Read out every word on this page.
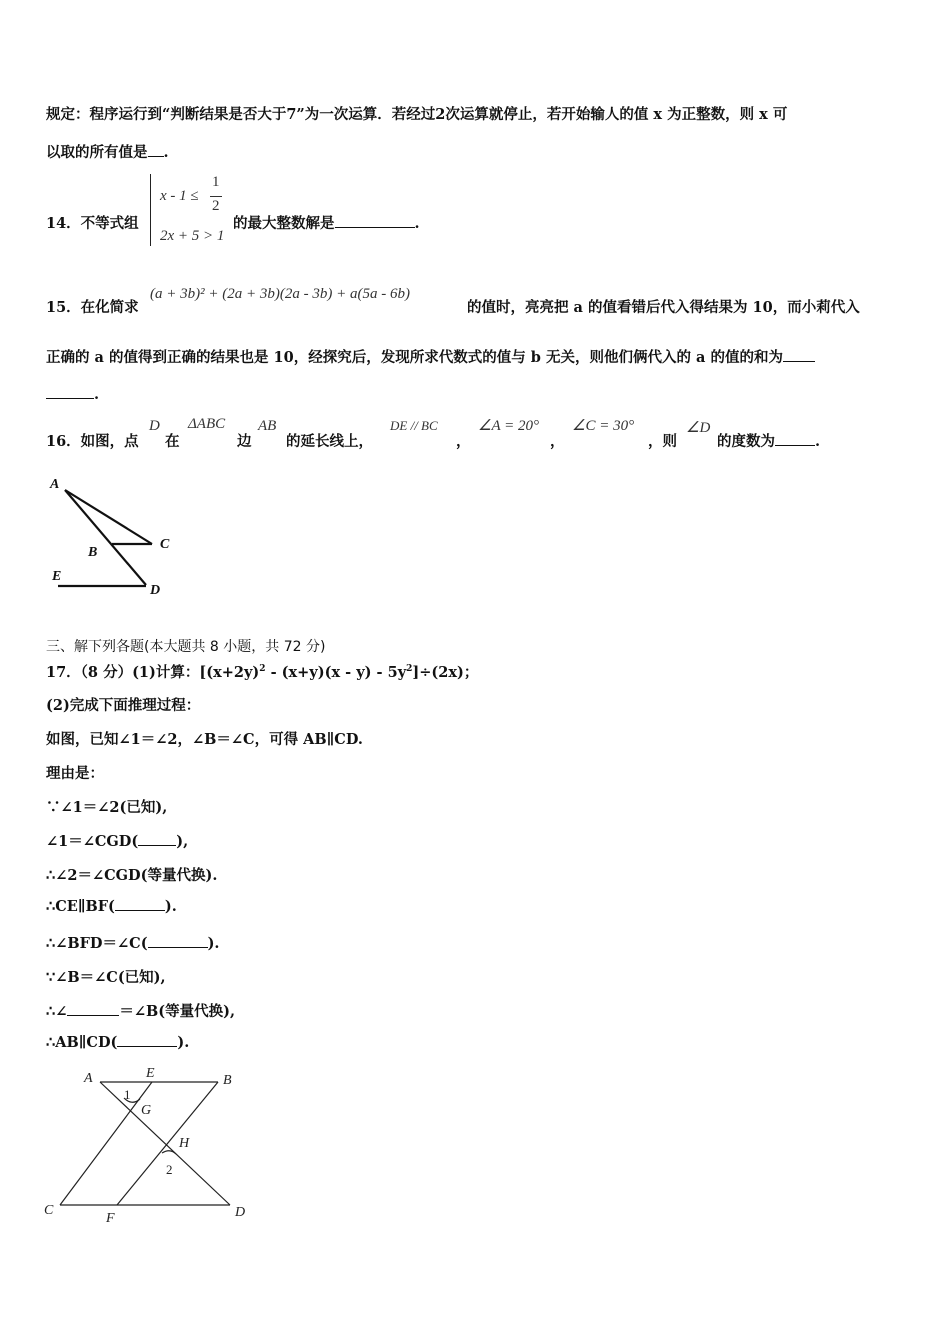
规定：程序运行到“判断结果是否大于7”为一次运算．若经过2次运算就停止，若开始输人的值 x 为正整数，则 x 可
以取的所有值是 .
14．不等式组
x - 1 ≤
1
2
2x + 5 > 1
的最大整数解是	.
15．在化简求
(a + 3b)² + (2a + 3b)(2a - 3b) + a(5a - 6b)
的值时，亮亮把 a 的值看错后代入得结果为 10，而小莉代入
正确的 a 的值得到正确的结果也是 10，经探究后，发现所求代数式的值与 b 无关，则他们俩代入的 a 的值的和为
.
16．如图，点
D
在
ΔABC
边
AB
的延长线上，
DE // BC
，
∠A = 20°
，
∠C = 30°
，则
∠D
的度数为	.
A
B
C
E
D
三、解下列各题(本大题共 8 小题，共 72 分)
17．（8 分）(1)计算：$[(x+2y)^2 - (x+y)(x - y) - 5y^2]\div(2x)$；
(2)完成下面推理过程：
如图，已知∠1＝∠2，∠B＝∠C，可得 AB∥CD.
理由是：
∵∠1＝∠2(已知),
∠1＝∠CGD(	),
∴∠2＝∠CGD(等量代换).
∴CE∥BF(	).
∴∠BFD＝∠C(	).
∵∠B＝∠C(已知),
∴∠	＝∠B(等量代换),
∴AB∥CD(	).
A	E	B
G
H
C
F	D
1
2
